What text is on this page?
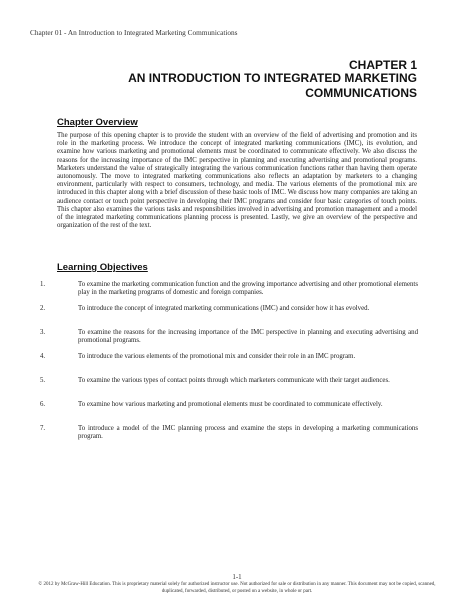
Chapter 01 - An Introduction to Integrated Marketing Communications
CHAPTER 1
AN INTRODUCTION TO INTEGRATED MARKETING COMMUNICATIONS
Chapter Overview
The purpose of this opening chapter is to provide the student with an overview of the field of advertising and promotion and its role in the marketing process. We introduce the concept of integrated marketing communications (IMC), its evolution, and examine how various marketing and promotional elements must be coordinated to communicate effectively. We also discuss the reasons for the increasing importance of the IMC perspective in planning and executing advertising and promotional programs. Marketers understand the value of strategically integrating the various communication functions rather than having them operate autonomously. The move to integrated marketing communications also reflects an adaptation by marketers to a changing environment, particularly with respect to consumers, technology, and media. The various elements of the promotional mix are introduced in this chapter along with a brief discussion of these basic tools of IMC. We discuss how many companies are taking an audience contact or touch point perspective in developing their IMC programs and consider four basic categories of touch points. This chapter also examines the various tasks and responsibilities involved in advertising and promotion management and a model of the integrated marketing communications planning process is presented. Lastly, we give an overview of the perspective and organization of the rest of the text.
Learning Objectives
1.	To examine the marketing communication function and the growing importance advertising and other promotional elements play in the marketing programs of domestic and foreign companies.
2.	To introduce the concept of integrated marketing communications (IMC) and consider how it has evolved.
3.	To examine the reasons for the increasing importance of the IMC perspective in planning and executing advertising and promotional programs.
4.	To introduce the various elements of the promotional mix and consider their role in an IMC program.
5.	To examine the various types of contact points through which marketers communicate with their target audiences.
6.	To examine how various marketing and promotional elements must be coordinated to communicate effectively.
7.	To introduce a model of the IMC planning process and examine the steps in developing a marketing communications program.
1-1
© 2012 by McGraw-Hill Education. This is proprietary material solely for authorized instructor use. Not authorized for sale or distribution in any manner. This document may not be copied, scanned, duplicated, forwarded, distributed, or posted on a website, in whole or part.
